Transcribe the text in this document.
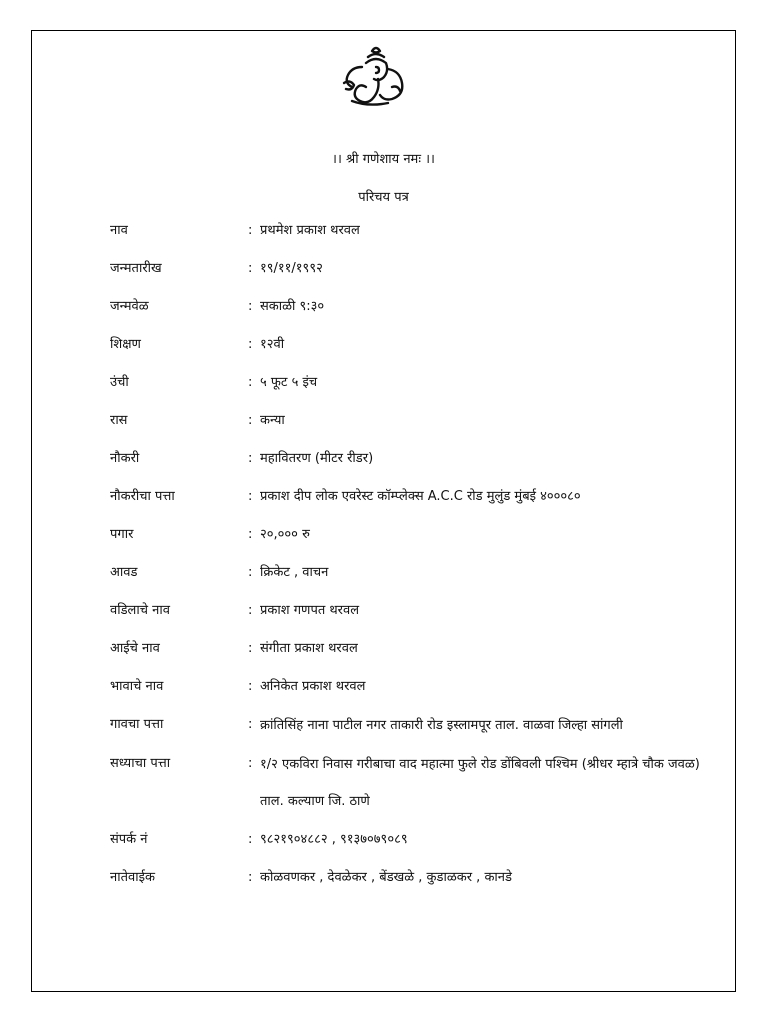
।। श्री गणेशाय नमः ।।
परिचय पत्र
नाव	: प्रथमेश प्रकाश थरवल
जन्मतारीख	: १९/११/१९९२
जन्मवेळ	: सकाळी ९:३०
शिक्षण	: १२वी
उंची	: ५ फूट ५ इंच
रास	: कन्या
नौकरी	: महावितरण (मीटर रीडर)
नौकरीचा पत्ता	: प्रकाश दीप लोक एवरेस्ट कॉम्प्लेक्स A.C.C रोड मुलुंड मुंबई ४०००८०
पगार	: २०,००० रु
आवड	: क्रिकेट , वाचन
वडिलाचे नाव	: प्रकाश गणपत थरवल
आईचे नाव	: संगीता प्रकाश थरवल
भावाचे नाव	: अनिकेत प्रकाश थरवल
गावचा पत्ता	: क्रांतिसिंह नाना पाटील नगर ताकारी रोड इस्लामपूर ताल. वाळवा जिल्हा सांगली
सध्याचा पत्ता	: १/२ एकविरा निवास गरीबाचा वाद महात्मा फुले रोड डोंबिवली पश्चिम (श्रीधर म्हात्रे चौक जवळ) ताल. कल्याण जि. ठाणे
संपर्क नं	: ९८२१९०४८८२ , ९१३७०७९०८९
नातेवाईक	: कोळवणकर , देवळेकर , बेंडखळे , कुडाळकर , कानडे
